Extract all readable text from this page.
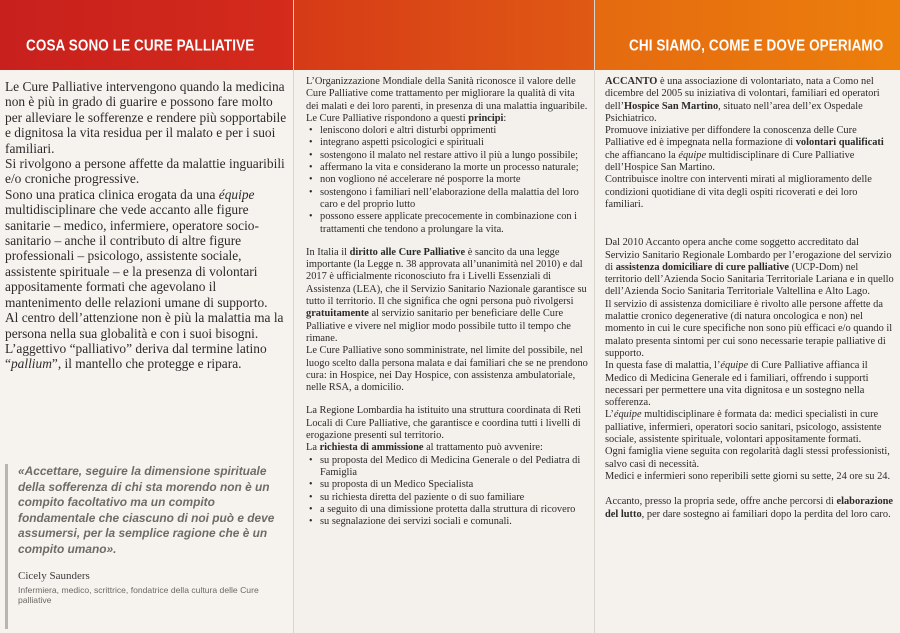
COSA SONO LE CURE PALLIATIVE

Le Cure Palliative intervengono quando la medicina non è più in grado di guarire e possono fare molto per alleviare le sofferenze e rendere più sopportabile e dignitosa la vita residua per il malato e per i suoi familiari.

Si rivolgono a persone affette da malattie inguaribili e/o croniche progressive.

Sono una pratica clinica erogata da una équipe multidisciplinare che vede accanto alle figure sanitarie – medico, infermiere, operatore socio-sanitario – anche il contributo di altre figure professionali – psicologo, assistente sociale, assistente spirituale – e la presenza di volontari appositamente formati che agevolano il mantenimento delle relazioni umane di supporto.

Al centro dell’attenzione non è più la malattia ma la persona nella sua globalità e con i suoi bisogni.

L’aggettivo “palliativo” deriva dal termine latino “pallium”, il mantello che protegge e ripara.

«Accettare, seguire la dimensione spirituale della sofferenza di chi sta morendo non è un compito facoltativo ma un compito fondamentale che ciascuno di noi può e deve assumersi, per la semplice ragione che è un compito umano».

Cicely Saunders

Infermiera, medico, scrittrice, fondatrice della cultura delle Cure palliative

L’Organizzazione Mondiale della Sanità riconosce il valore delle Cure Palliative come trattamento per migliorare la qualità di vita dei malati e dei loro parenti, in presenza di una malattia inguaribile.

Le Cure Palliative rispondono a questi principi:

• leniscono dolori e altri disturbi opprimenti
• integrano aspetti psicologici e spirituali
• sostengono il malato nel restare attivo il più a lungo possibile;
• affermano la vita e considerano la morte un processo naturale;
• non vogliono né accelerare né posporre la morte
• sostengono i familiari nell’elaborazione della malattia del loro caro e del proprio lutto
• possono essere applicate precocemente in combinazione con i trattamenti che tendono a prolungare la vita.

In Italia il diritto alle Cure Palliative è sancito da una legge importante (la Legge n. 38 approvata all’unanimità nel 2010) e dal 2017 è ufficialmente riconosciuto fra i Livelli Essenziali di Assistenza (LEA), che il Servizio Sanitario Nazionale garantisce su tutto il territorio. Il che significa che ogni persona può rivolgersi gratuitamente al servizio sanitario per beneficiare delle Cure Palliative e vivere nel miglior modo possibile tutto il tempo che rimane.

Le Cure Palliative sono somministrate, nel limite del possibile, nel luogo scelto dalla persona malata e dai familiari che se ne prendono cura: in Hospice, nei Day Hospice, con assistenza ambulatoriale, nelle RSA, a domicilio.

La Regione Lombardia ha istituito una struttura coordinata di Reti Locali di Cure Palliative, che garantisce e coordina tutti i livelli di erogazione presenti sul territorio.

La richiesta di ammissione al trattamento può avvenire:

• su proposta del Medico di Medicina Generale o del Pediatra di Famiglia
• su proposta di un Medico Specialista
• su richiesta diretta del paziente o di suo familiare
• a seguito di una dimissione protetta dalla struttura di ricovero
• su segnalazione dei servizi sociali e comunali.
CHI SIAMO, COME E DOVE OPERIAMO

ACCANTO è una associazione di volontariato, nata a Como nel dicembre del 2005 su iniziativa di volontari, familiari ed operatori dell’Hospice San Martino, situato nell’area dell’ex Ospedale Psichiatrico.

Promuove iniziative per diffondere la conoscenza delle Cure Palliative ed è impegnata nella formazione di volontari qualificati che affiancano la équipe multidisciplinare di Cure Palliative dell’Hospice San Martino.

Contribuisce inoltre con interventi mirati al miglioramento delle condizioni quotidiane di vita degli ospiti ricoverati e dei loro familiari.

Dal 2010 Accanto opera anche come soggetto accreditato dal Servizio Sanitario Regionale Lombardo per l’erogazione del servizio di assistenza domiciliare di cure palliative (UCP-Dom) nel territorio dell’Azienda Socio Sanitaria Territoriale Lariana e in quello dell’Azienda Socio Sanitaria Territoriale Valtellina e Alto Lago.

Il servizio di assistenza domiciliare è rivolto alle persone affette da malattie cronico degenerative (di natura oncologica e non) nel momento in cui le cure specifiche non sono più efficaci e/o quando il malato presenta sintomi per cui sono necessarie terapie palliative di supporto.

In questa fase di malattia, l’équipe di Cure Palliative affianca il Medico di Medicina Generale ed i familiari, offrendo i supporti necessari per permettere una vita dignitosa e un sostegno nella sofferenza.

L’équipe multidisciplinare è formata da: medici specialisti in cure palliative, infermieri, operatori socio sanitari, psicologo, assistente sociale, assistente spirituale, volontari appositamente formati.

Ogni famiglia viene seguita con regolarità dagli stessi professionisti, salvo casi di necessità.

Medici e infermieri sono reperibili sette giorni su sette, 24 ore su 24.

Accanto, presso la propria sede, offre anche percorsi di elaborazione del lutto, per dare sostegno ai familiari dopo la perdita del loro caro.
